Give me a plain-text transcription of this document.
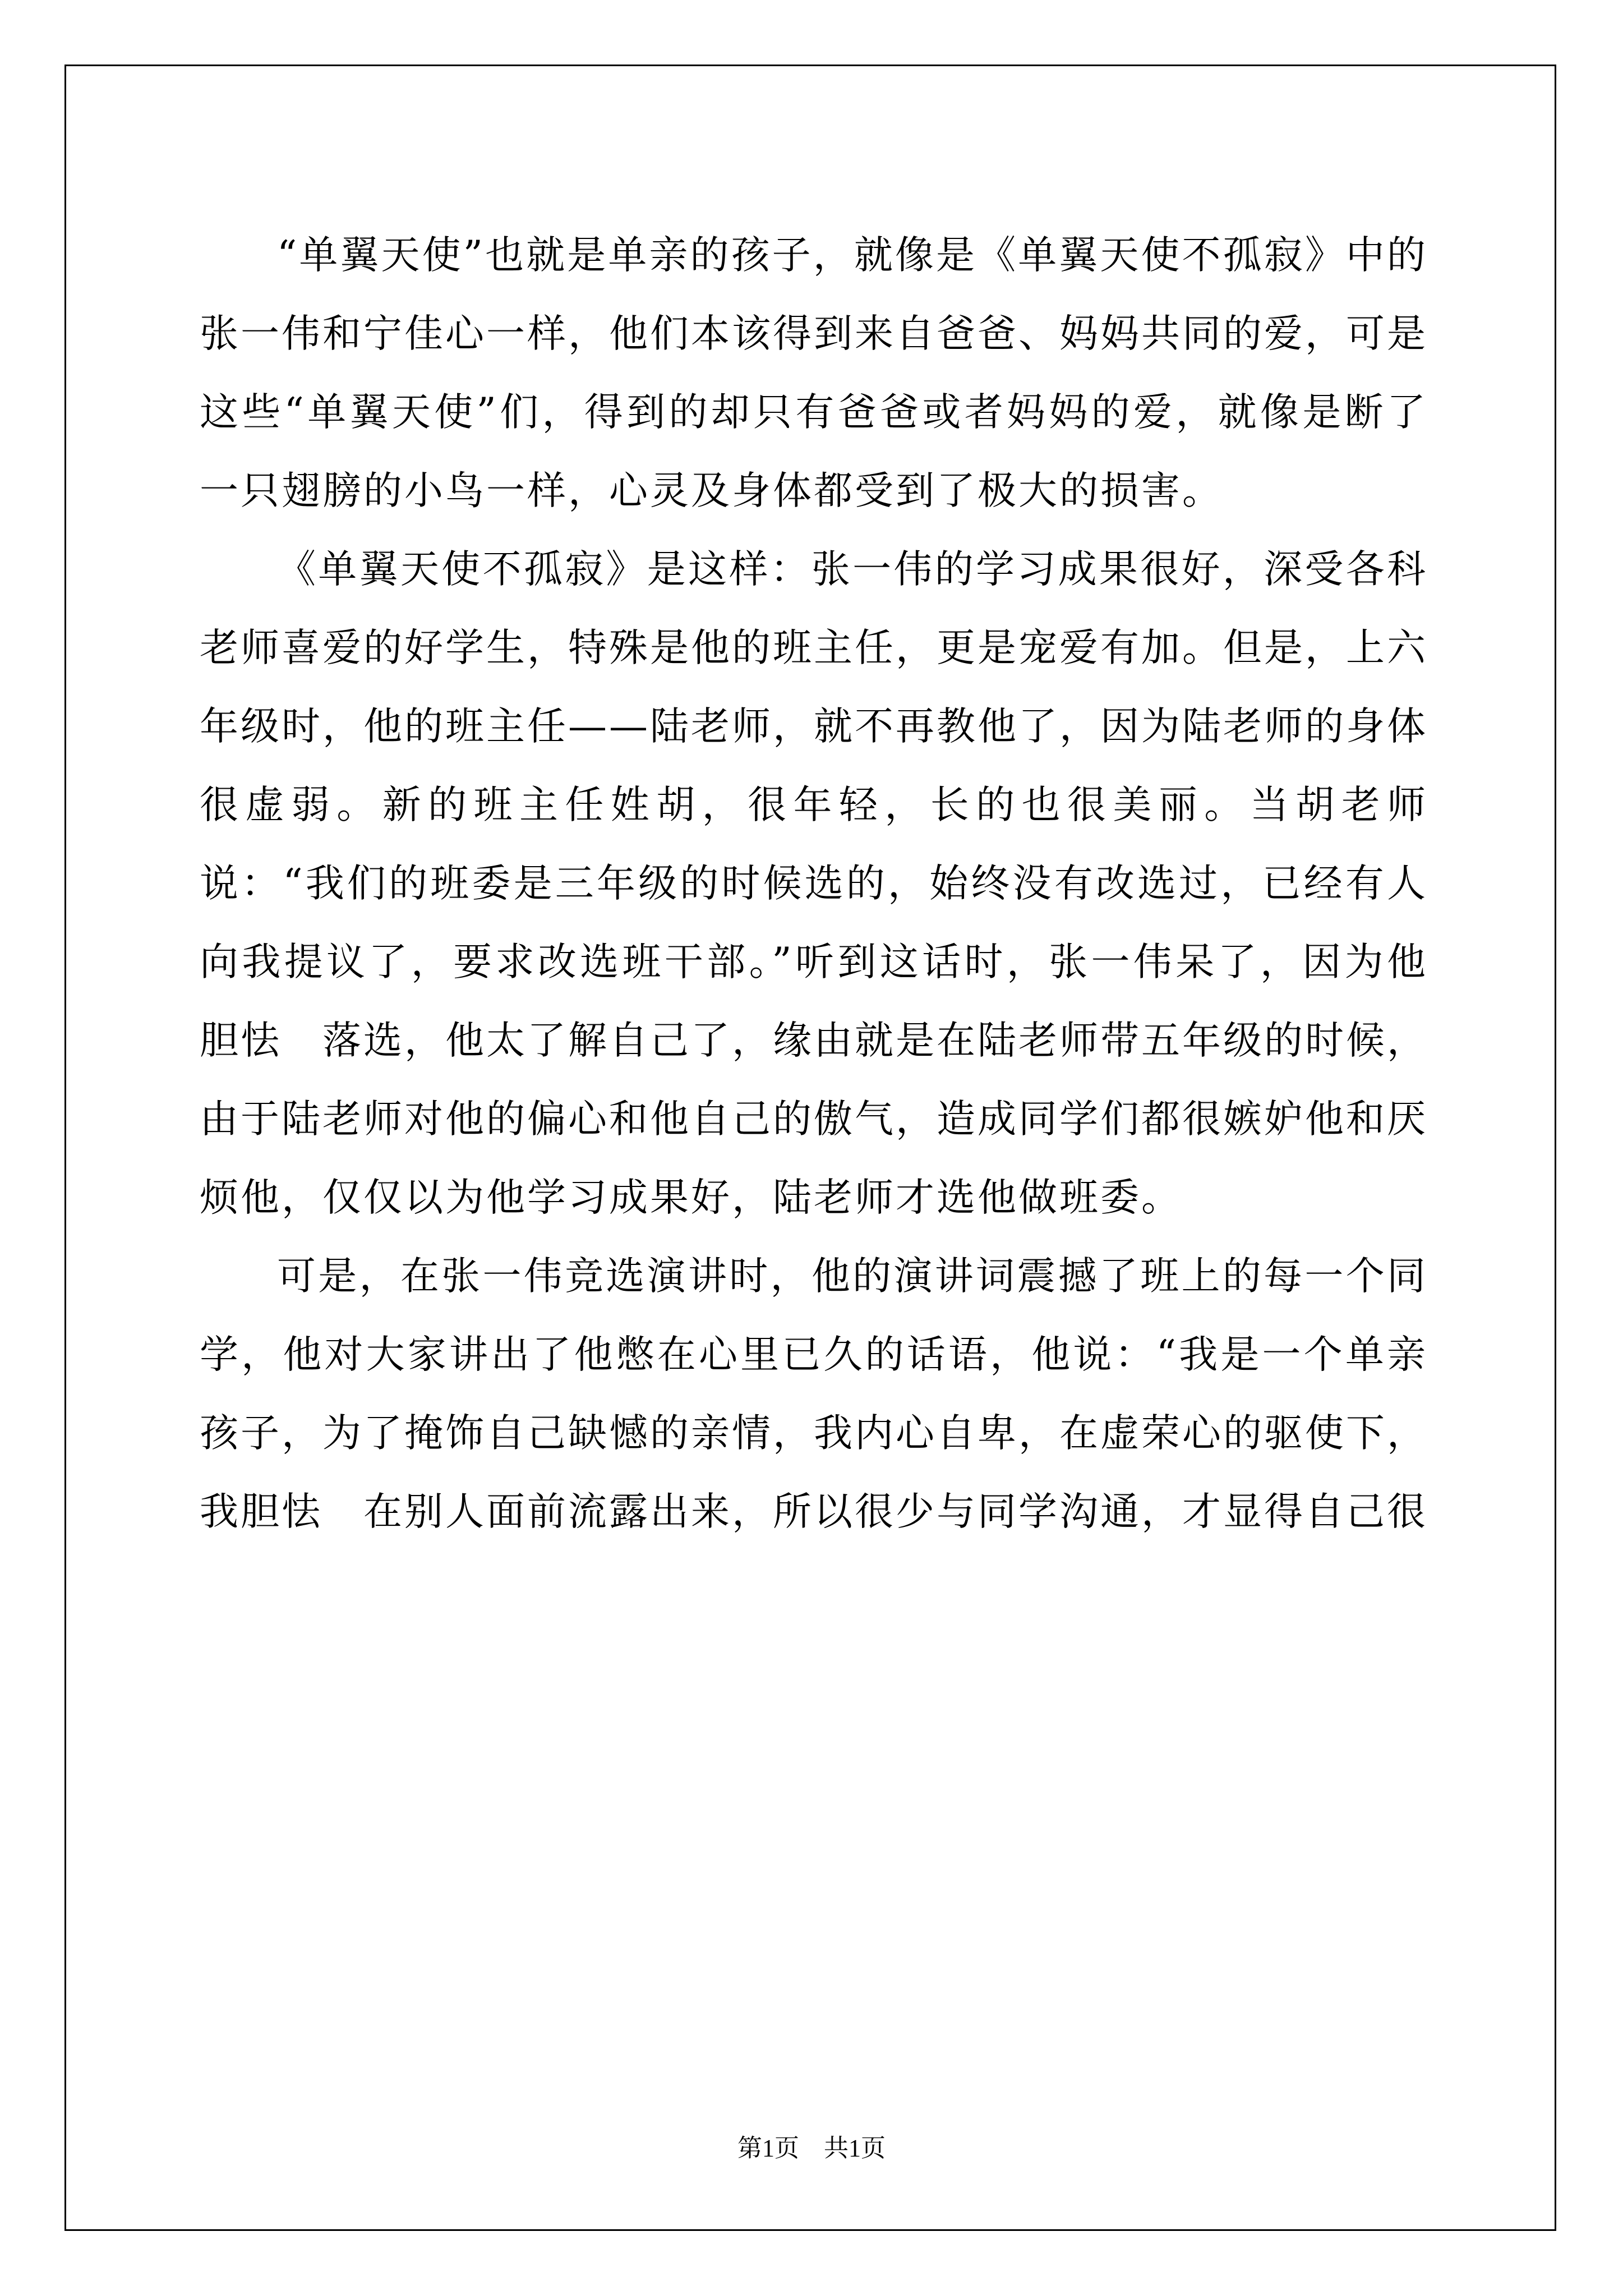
“单翼天使”也就是单亲的孩子，就像是《单翼天使不孤寂》中的张一伟和宁佳心一样，他们本该得到来自爸爸、妈妈共同的爱，可是这些“单翼天使”们，得到的却只有爸爸或者妈妈的爱，就像是断了一只翅膀的小鸟一样，心灵及身体都受到了极大的损害。

《单翼天使不孤寂》是这样：张一伟的学习成果很好，深受各科老师喜爱的好学生，特殊是他的班主任，更是宠爱有加。但是，上六年级时，他的班主任——陆老师，就不再教他了，因为陆老师的身体很虚弱。新的班主任姓胡，很年轻，长的也很美丽。当胡老师说：“我们的班委是三年级的时候选的，始终没有改选过，已经有人向我提议了，要求改选班干部。”听到这话时，张一伟呆了，因为他胆怯　落选，他太了解自己了，缘由就是在陆老师带五年级的时候，由于陆老师对他的偏心和他自己的傲气，造成同学们都很嫉妒他和厌烦他，仅仅以为他学习成果好，陆老师才选他做班委。

可是，在张一伟竞选演讲时，他的演讲词震撼了班上的每一个同学，他对大家讲出了他憋在心里已久的话语，他说：“我是一个单亲孩子，为了掩饰自己缺憾的亲情，我内心自卑，在虚荣心的驱使下，我胆怯　在别人面前流露出来，所以很少与同学沟通，才显得自己很

第1页　共1页
